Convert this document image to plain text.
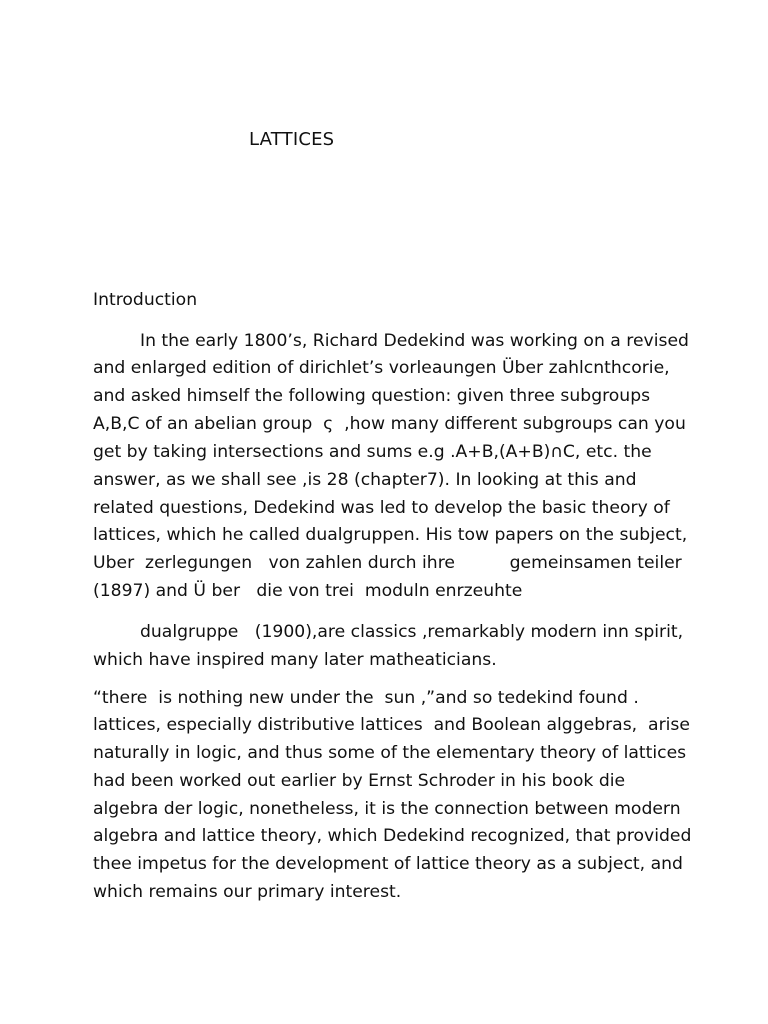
LATTICES
Introduction
In the early 1800’s, Richard Dedekind was working on a revised
and enlarged edition of dirichlet’s vorleaungen Über zahlcnthcorie,
and asked himself the following question: given three subgroups
A,B,C of an abelian group  ς  ,how many different subgroups can you
get by taking intersections and sums e.g .A+B,(A+B)∩C, etc. the
answer, as we shall see ,is 28 (chapter7). In looking at this and
related questions, Dedekind was led to develop the basic theory of
lattices, which he called dualgruppen. His tow papers on the subject,
Uber  zerlegungen   von zahlen durch ihre          gemeinsamen teiler
(1897) and Ü ber   die von trei  moduln enrzeuhte
dualgruppe   (1900),are classics ,remarkably modern inn spirit,
which have inspired many later matheaticians.
“there  is nothing new under the  sun ,”and so tedekind found .
lattices, especially distributive lattices  and Boolean alggebras,  arise
naturally in logic, and thus some of the elementary theory of lattices
had been worked out earlier by Ernst Schroder in his book die
algebra der logic, nonetheless, it is the connection between modern
algebra and lattice theory, which Dedekind recognized, that provided
thee impetus for the development of lattice theory as a subject, and
which remains our primary interest.
